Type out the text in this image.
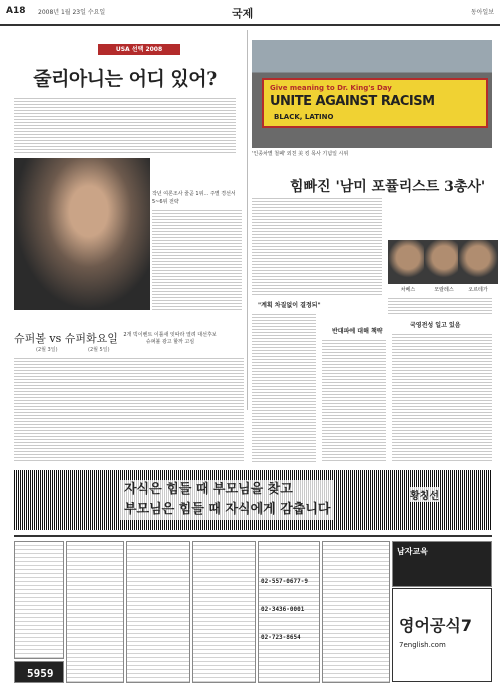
A18 2008년 1월 23일 수요일	국제	동아일보
USA 선택 2008
줄리아니는 어디 있어?
작년 여론조사 줄곧 1위… 주별 경선서 5~6위 전략
슈퍼볼 vs 슈퍼화요일
(2월 3일)	(2월 5일)
2개 빅이벤트 이틀새 잇따라 열려 대선후보 슈퍼볼 광고 할까 고심
Give meaning to Dr. King's Day
UNITE AGAINST RACISM
BLACK, LATINO
'인종차별 철폐' 외친 美 킹 목사 기념일 시위
힘빠진 '남미 포퓰리스트 3총사'
차베스	모랄레스	오르테가
"계획 차질없이 결정되"
반대파에 대해 책략
국영전성 일고 있음
자식은 힘들 때 부모님을 찾고
부모님은 힘들 때 자식에게 감춥니다
황칭선
5959
02-557-0677-9
02-3436-0001
02-723-8654
남자교육
영어공식7
7english.com
